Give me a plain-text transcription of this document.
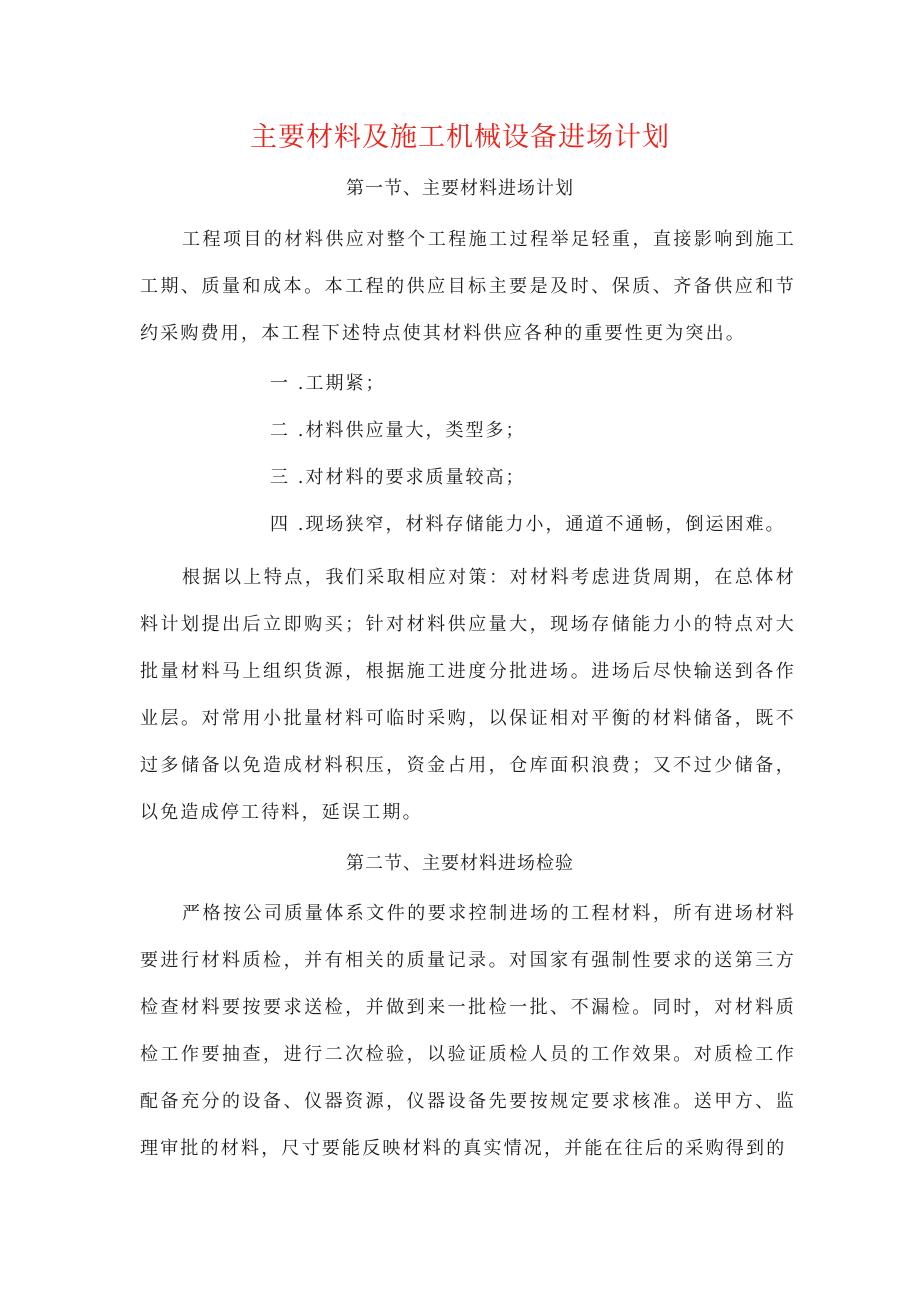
主要材料及施工机械设备进场计划
第一节、主要材料进场计划

工程项目的材料供应对整个工程施工过程举足轻重，直接影响到施工工期、质量和成本。本工程的供应目标主要是及时、保质、齐备供应和节约采购费用，本工程下述特点使其材料供应各种的重要性更为突出。

一 .工期紧；
二 .材料供应量大，类型多；
三 .对材料的要求质量较高；
四 .现场狭窄，材料存储能力小，通道不通畅，倒运困难。

根据以上特点，我们采取相应对策：对材料考虑进货周期，在总体材料计划提出后立即购买；针对材料供应量大，现场存储能力小的特点对大批量材料马上组织货源，根据施工进度分批进场。进场后尽快输送到各作业层。对常用小批量材料可临时采购，以保证相对平衡的材料储备，既不过多储备以免造成材料积压，资金占用，仓库面积浪费；又不过少储备，以免造成停工待料，延误工期。

第二节、主要材料进场检验

严格按公司质量体系文件的要求控制进场的工程材料，所有进场材料要进行材料质检，并有相关的质量记录。对国家有强制性要求的送第三方检查材料要按要求送检，并做到来一批检一批、不漏检。同时，对材料质检工作要抽查，进行二次检验，以验证质检人员的工作效果。对质检工作配备充分的设备、仪器资源，仪器设备先要按规定要求核准。送甲方、监理审批的材料，尺寸要能反映材料的真实情况，并能在往后的采购得到的
